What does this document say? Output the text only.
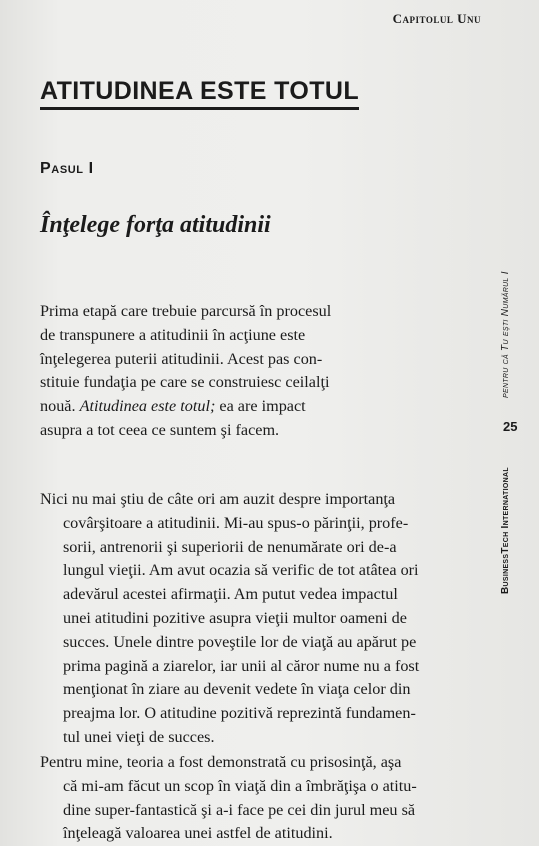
Capitolul Unu
ATITUDINEA ESTE TOTUL
Pasul I
Înţelege forţa atitudinii
Prima etapă care trebuie parcursă în procesul
de transpunere a atitudinii în acţiune este
înţelegerea puterii atitudinii. Acest pas con-
stituie fundaţia pe care se construiesc ceilalţi
nouă. Atitudinea este totul; ea are impact
asupra a tot ceea ce suntem şi facem.
Nici nu mai ştiu de câte ori am auzit despre importanţa
covârşitoare a atitudinii. Mi-au spus-o părinţii, profe-
sorii, antrenorii şi superiorii de nenumărate ori de-a
lungul vieţii. Am avut ocazia să verific de tot atâtea ori
adevărul acestei afirmaţii. Am putut vedea impactul
unei atitudini pozitive asupra vieţii multor oameni de
succes. Unele dintre poveştile lor de viaţă au apărut pe
prima pagină a ziarelor, iar unii al căror nume nu a fost
menţionat în ziare au devenit vedete în viaţa celor din
preajma lor. O atitudine pozitivă reprezintă fundamen-
tul unei vieţi de succes.
Pentru mine, teoria a fost demonstrată cu prisosinţă, aşa
că mi-am făcut un scop în viaţă din a îmbrăţişa o atitu-
dine super-fantastică şi a-i face pe cei din jurul meu să
înţeleagă valoarea unei astfel de atitudini.
pentru că Tu eşti Numărul I
25
BusinessTech International
